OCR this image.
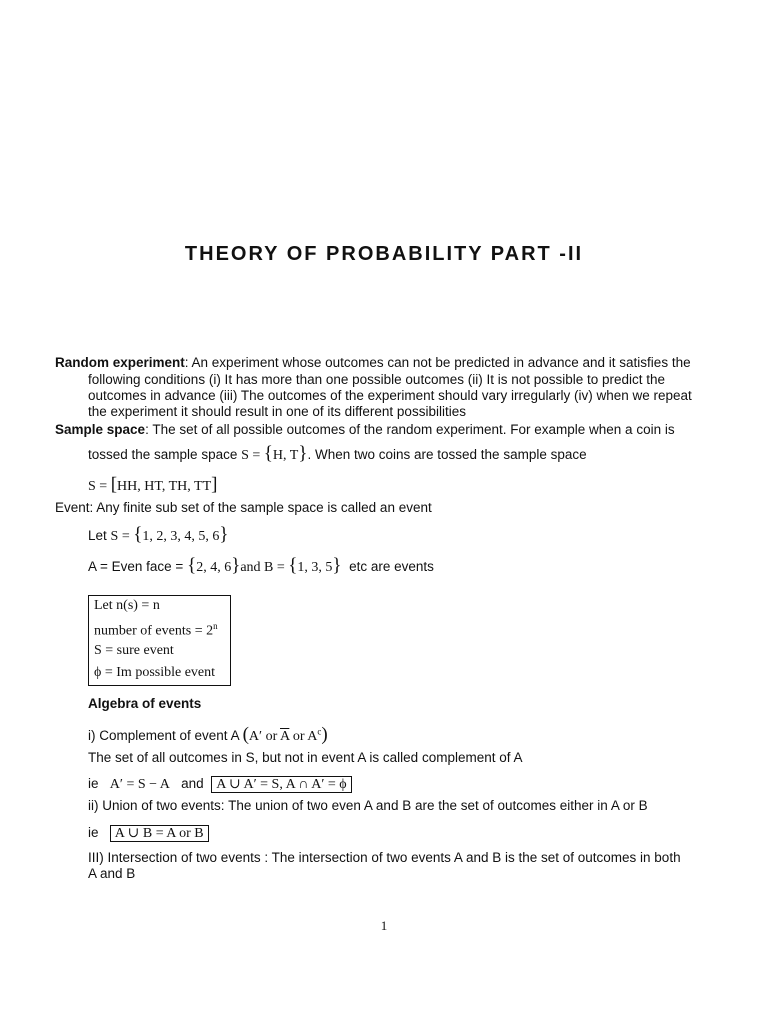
THEORY OF PROBABILITY PART -II
Random experiment: An experiment whose outcomes can not be predicted in advance and it satisfies the
following conditions (i) It has more than one possible outcomes (ii) It is not possible to predict the
outcomes in advance (iii) The outcomes of the experiment should vary irregularly (iv) when we repeat
the experiment it should result in one of its different possibilities
Sample space: The set of all possible outcomes of the random experiment. For example when a coin is
tossed the sample space S = {H, T}. When two coins are tossed the sample space
S = [HH, HT, TH, TT]
Event: Any finite sub set of the sample space is called an event
Let S = {1, 2, 3, 4, 5, 6}
A = Even face = {2, 4, 6}and B = {1, 3, 5} etc are events
Let n(s) = n
number of events = $2^n$
S = sure event
ϕ = Im possible event
Algebra of events
i) Complement of event A (A′ or $\overline{A}$ or $A^c$)
The set of all outcomes in S, but not in event A is called complement of A
ie A′ = S − A and A ∪ A′ = S, A ∩ A′ = ϕ
ii) Union of two events: The union of two even A and B are the set of outcomes either in A or B
ie A ∪ B = A or B
III) Intersection of two events : The intersection of two events A and B is the set of outcomes in both
A and B
1
